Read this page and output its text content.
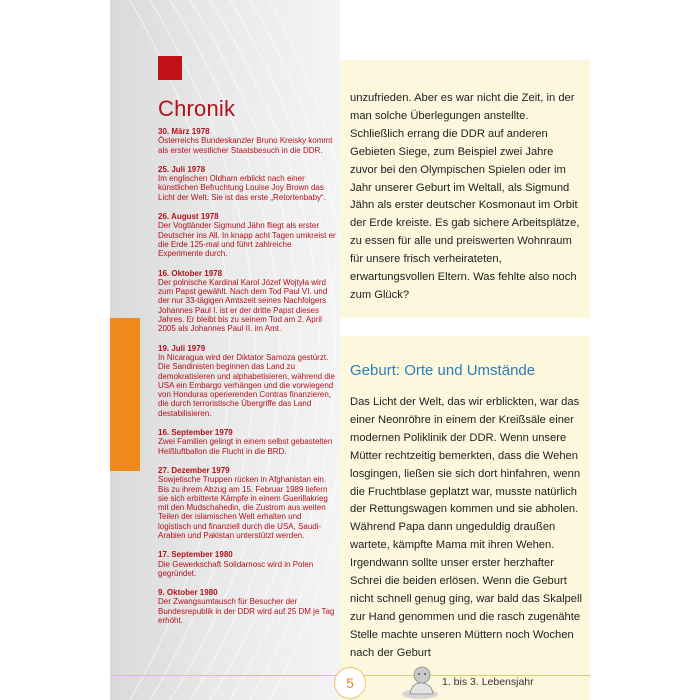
Chronik
30. März 1978
Österreichs Bundeskanzler Bruno Kreisky kommt als erster westlicher Staatsbesuch in die DDR.
25. Juli 1978
Im englischen Oldham erblickt nach einer künstlichen Befruchtung Louise Joy Brown das Licht der Welt. Sie ist das erste „Retortenbaby“.
26. August 1978
Der Vogtländer Sigmund Jähn fliegt als erster Deutscher ins All. In knapp acht Tagen umkreist er die Erde 125-mal und führt zahlreiche Experimente durch.
16. Oktober 1978
Der polnische Kardinal Karol Józef Wojtyła wird zum Papst gewählt. Nach dem Tod Paul VI. und der nur 33-tägigen Amtszeit seines Nachfolgers Johannes Paul I. ist er der dritte Papst dieses Jahres. Er bleibt bis zu seinem Tod am 2. April 2005 als Johannes Paul II. im Amt.
19. Juli 1979
In Nicaragua wird der Diktator Samoza gestürzt. Die Sandinisten beginnen das Land zu demokratisieren und alphabetisieren, während die USA ein Embargo verhängen und die vorwiegend von Honduras operierenden Contras finanzieren, die durch terroristische Übergriffe das Land destabilisieren.
16. September 1979
Zwei Familien gelingt in einem selbst gebastelten Heißluftballon die Flucht in die BRD.
27. Dezember 1979
Sowjetische Truppen rücken in Afghanistan ein. Bis zu ihrem Abzug am 15. Februar 1989 liefern sie sich erbitterte Kämpfe in einem Guerillakrieg mit den Mudschahedin, die Zustrom aus weiten Teilen der islamischen Welt erhalten und logistisch und finanziell durch die USA, Saudi-Arabien und Pakistan unterstützt werden.
17. September 1980
Die Gewerkschaft Solidarnosc wird in Polen gegründet.
9. Oktober 1980
Der Zwangsumtausch für Besucher der Bundesrepublik in der DDR wird auf 25 DM je Tag erhöht.

unzufrieden. Aber es war nicht die Zeit, in der man solche Überlegungen anstellte. Schließlich errang die DDR auf anderen Gebieten Siege, zum Beispiel zwei Jahre zuvor bei den Olympischen Spielen oder im Jahr unserer Geburt im Weltall, als Sigmund Jähn als erster deutscher Kosmonaut im Orbit der Erde kreiste. Es gab sichere Arbeitsplätze, zu essen für alle und preiswerten Wohnraum für unsere frisch verheirateten, erwartungsvollen Eltern. Was fehlte also noch zum Glück?

Geburt: Orte und Umstände

Das Licht der Welt, das wir erblickten, war das einer Neonröhre in einem der Kreißsäle einer modernen Poliklinik der DDR. Wenn unsere Mütter rechtzeitig bemerkten, dass die Wehen losgingen, ließen sie sich dort hinfahren, wenn die Fruchtblase geplatzt war, musste natürlich der Rettungswagen kommen und sie abholen. Während Papa dann ungeduldig draußen wartete, kämpfte Mama mit ihren Wehen. Irgendwann sollte unser erster herzhafter Schrei die beiden erlösen. Wenn die Geburt nicht schnell genug ging, war bald das Skalpell zur Hand genommen und die rasch zugenähte Stelle machte unseren Müttern noch Wochen nach der Geburt

5	1. bis 3. Lebensjahr
